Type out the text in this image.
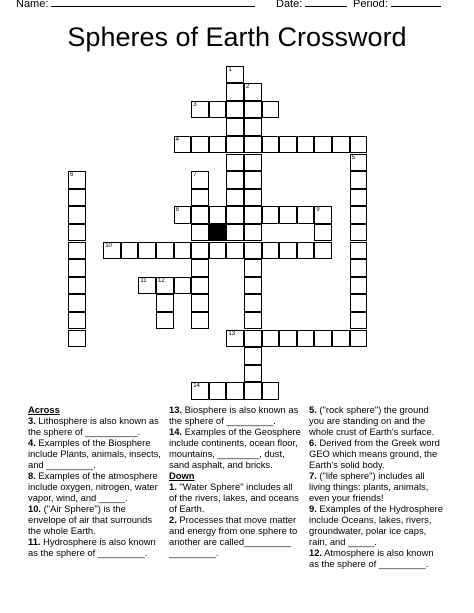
Name:	Date:	Period:
Spheres of Earth Crossword
1
2
3
4
5
6	7
8	9
10
11 12
13
14
Across
3. Lithosphere is also known as the sphere of __________.
4. Examples of the Biosphere include Plants, animals, insects, and _________.
8. Examples of the atmosphere include oxygen, nitrogen, water vapor, wind, and _____.
10. ("Air Sphere") is the envelope of air that surrounds the whole Earth.
11. Hydrosphere is also known as the sphere of _________.
13. Biosphere is also known as the sphere of _________.
14. Examples of the Geosphere include continents, ocean floor, mountains, ________, dust, sand asphalt, and bricks.
Down
1. "Water Sphere" includes all of the rivers, lakes, and oceans of Earth.
2. Processes that move matter and energy from one sphere to another are called_________ _________.
5. ("rock sphere") the ground you are standing on and the whole crust of Earth's surface.
6. Derived from the Greek word GEO which means ground, the Earth's solid body.
7. ("life sphere") includes all living things: plants, animals, even your friends!
9. Examples of the Hydrosphere include Oceans, lakes, rivers, groundwater, polar ice caps, rain, and _____.
12. Atmosphere is also known as the sphere of _________.
